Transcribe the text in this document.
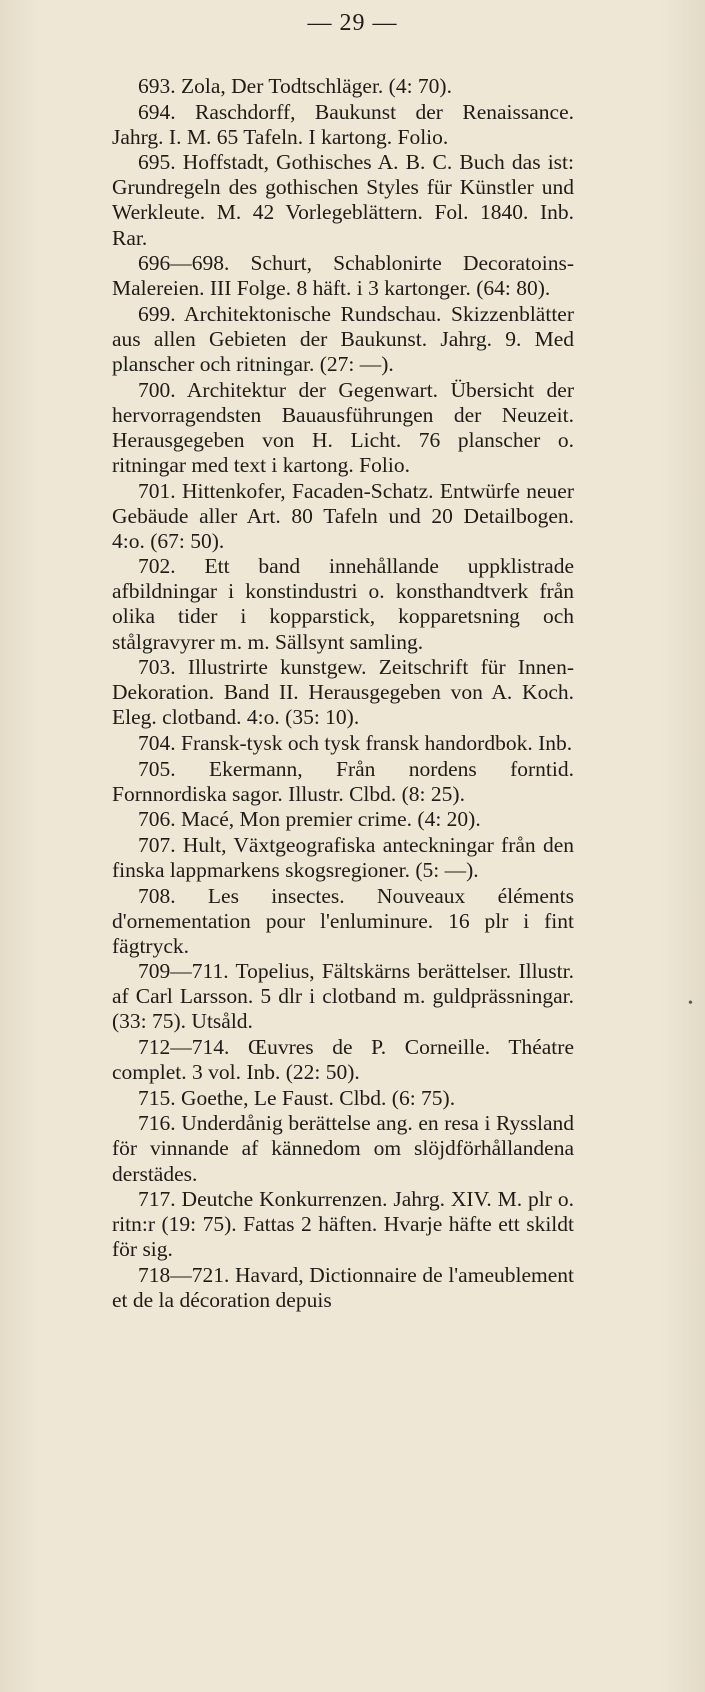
— 29 —

693. Zola, Der Todtschläger. (4: 70).

694. Raschdorff, Baukunst der Renaissance. Jahrg. I. M. 65 Tafeln. I kartong. Folio.

695. Hoffstadt, Gothisches A. B. C. Buch das ist: Grundregeln des gothischen Styles für Künstler und Werkleute. M. 42 Vorlegeblättern. Fol. 1840. Inb. Rar.

696—698. Schurt, Schablonirte Decoratoins-Malereien. III Folge. 8 häft. i 3 kartonger. (64: 80).

699. Architektonische Rundschau. Skizzenblätter aus allen Gebieten der Baukunst. Jahrg. 9. Med planscher och ritningar. (27: —).

700. Architektur der Gegenwart. Übersicht der hervorragendsten Bauausführungen der Neuzeit. Herausgegeben von H. Licht. 76 planscher o. ritningar med text i kartong. Folio.

701. Hittenkofer, Facaden-Schatz. Entwürfe neuer Gebäude aller Art. 80 Tafeln und 20 Detailbogen. 4:o. (67: 50).

702. Ett band innehållande uppklistrade afbildningar i konstindustri o. konsthandtverk från olika tider i kopparstick, kopparetsning och stålgravyrer m. m. Sällsynt samling.

703. Illustrirte kunstgew. Zeitschrift für Innen-Dekoration. Band II. Herausgegeben von A. Koch. Eleg. clotband. 4:o. (35: 10).

704. Fransk-tysk och tysk fransk handordbok. Inb.

705. Ekermann, Från nordens forntid. Fornnordiska sagor. Illustr. Clbd. (8: 25).

706. Macé, Mon premier crime. (4: 20).

707. Hult, Växtgeografiska anteckningar från den finska lappmarkens skogsregioner. (5: —).

708. Les insectes. Nouveaux éléments d'ornementation pour l'enluminure. 16 plr i fint fägtryck.

709—711. Topelius, Fältskärns berättelser. Illustr. af Carl Larsson. 5 dlr i clotband m. guldprässningar. (33: 75). Utsåld.

712—714. Œuvres de P. Corneille. Théatre complet. 3 vol. Inb. (22: 50).

715. Goethe, Le Faust. Clbd. (6: 75).

716. Underdånig berättelse ang. en resa i Ryssland för vinnande af kännedom om slöjdförhållandena derstädes.

717. Deutche Konkurrenzen. Jahrg. XIV. M. plr o. ritn:r (19: 75). Fattas 2 häften. Hvarje häfte ett skildt för sig.

718—721. Havard, Dictionnaire de l'ameublement et de la décoration depuis

•
